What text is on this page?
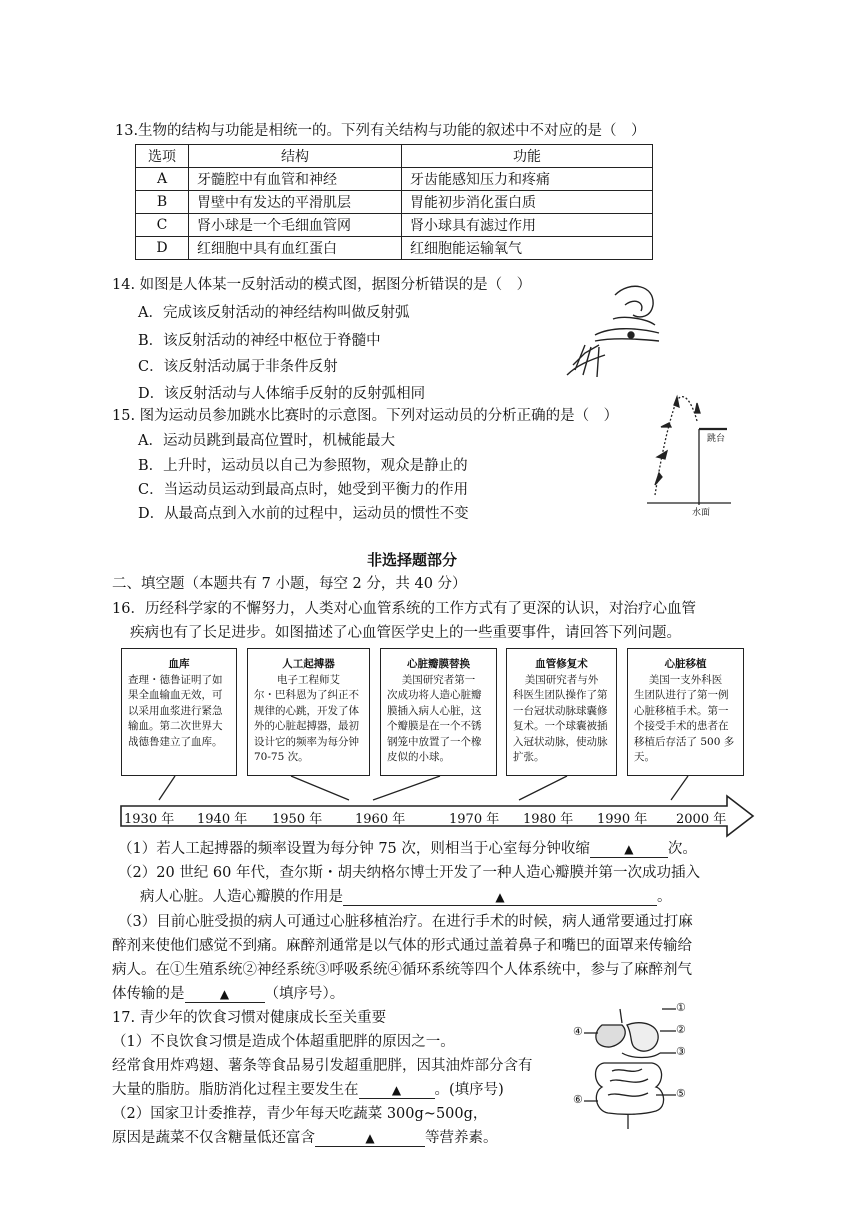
13.生物的结构与功能是相统一的。下列有关结构与功能的叙述中不对应的是（　）
选项	结构	功能
A	牙髓腔中有血管和神经	牙齿能感知压力和疼痛
B	胃壁中有发达的平滑肌层	胃能初步消化蛋白质
C	肾小球是一个毛细血管网	肾小球具有滤过作用
D	红细胞中具有血红蛋白	红细胞能运输氧气
14. 如图是人体某一反射活动的模式图，据图分析错误的是（　）
A．完成该反射活动的神经结构叫做反射弧
B．该反射活动的神经中枢位于脊髓中
C．该反射活动属于非条件反射
D．该反射活动与人体缩手反射的反射弧相同
15. 图为运动员参加跳水比赛时的示意图。下列对运动员的分析正确的是（　）
A．运动员跳到最高位置时，机械能最大
B．上升时，运动员以自己为参照物，观众是静止的
C．当运动员运动到最高点时，她受到平衡力的作用
D．从最高点到入水前的过程中，运动员的惯性不变
跳台
水面
非选择题部分
二、填空题（本题共有 7 小题，每空 2 分，共 40 分）
16．历经科学家的不懈努力，人类对心血管系统的工作方式有了更深的认识，对治疗心血管
疾病也有了长足进步。如图描述了心血管医学史上的一些重要事件，请回答下列问题。
血库
查理・德鲁证明了如果全血输血无效，可以采用血浆进行紧急输血。第二次世界大战德鲁建立了血库。
人工起搏器
电子工程师艾
尔・巴科恩为了纠正不规律的心跳，开发了体外的心脏起搏器，最初设计它的频率为每分钟 70-75 次。
心脏瓣膜替换
美国研究者第一
次成功将人造心脏瓣膜插入病人心脏，这个瓣膜是在一个不锈钢笼中放置了一个橡皮似的小球。
血管修复术
美国研究者与外
科医生团队操作了第一台冠状动脉球囊修复术。一个球囊被插入冠状动脉，使动脉扩张。
心脏移植
美国一支外科医
生团队进行了第一例心脏移植手术。第一个接受手术的患者在移植后存活了 500 多天。
1930 年 1940 年 1950 年	1960 年	1970 年 1980 年 1990 年 2000 年
（1）若人工起搏器的频率设置为每分钟 75 次，则相当于心室每分钟收缩	▲ 次。
（2）20 世纪 60 年代，查尔斯・胡夫纳格尔博士开发了一种人造心瓣膜并第一次成功插入
病人心脏。人造心瓣膜的作用是	▲	。
（3）目前心脏受损的病人可通过心脏移植治疗。在进行手术的时候，病人通常要通过打麻
醉剂来使他们感觉不到痛。麻醉剂通常是以气体的形式通过盖着鼻子和嘴巴的面罩来传输给
病人。在①生殖系统②神经系统③呼吸系统④循环系统等四个人体系统中，参与了麻醉剂气
体传输的是	▲ （填序号）。
17. 青少年的饮食习惯对健康成长至关重要
（1）不良饮食习惯是造成个体超重肥胖的原因之一。
经常食用炸鸡翅、薯条等食品易引发超重肥胖，因其油炸部分含有
大量的脂肪。脂肪消化过程主要发生在	▲ 。(填序号)
（2）国家卫计委推荐，青少年每天吃蔬菜 300g~500g，
原因是蔬菜不仅含糖量低还富含	▲	等营养素。
①
②
③
④
⑤
⑥
